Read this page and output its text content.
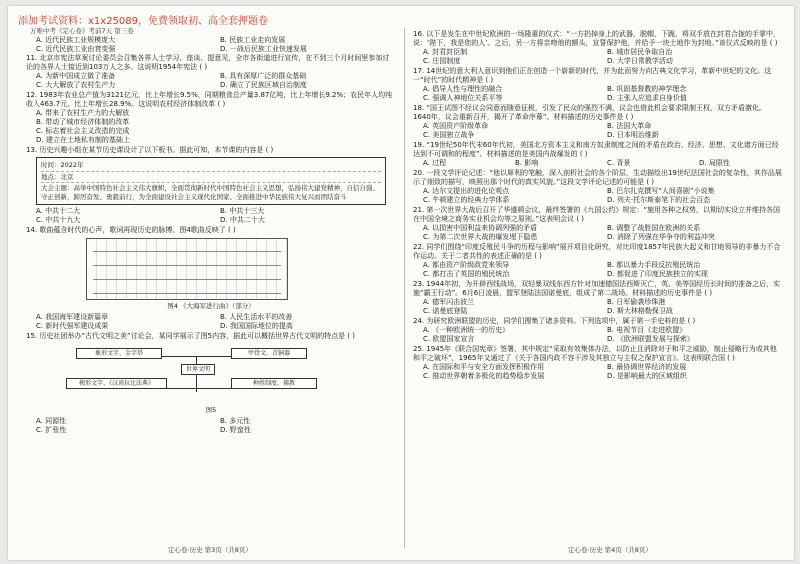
添加考试资料：x1x25089，免费领取初、高全套押题卷
万唯中考《定心卷》考前7天 第三卷
A. 近代民族工业规模庞大	B. 民族工业走向发展
C. 近代民族工业由衰变强	D. 一战后民族工业快速发展
11. 北京市宪法草案讨论委员会召集各界人士学习、座谈、提意见，全市各街道进行宣传，在不到三个月时间里参加讨论的各界人士接近到103万人之多。这说明1954年宪法 ( )
A. 为新中国成立做了准备	B. 具有深厚广泛的群众基础
C. 大大解放了农村生产力	D. 确立了民族区域自治制度
12. 1983年农业总产值为3121亿元，比上年增长9.5%，同期粮食总产量3.87亿吨，比上年增长9.2%；农民年人均纯收入463.7元，比上年增长28.9%。这说明农村经济体制改革 ( )
A. 带来了农村生产力的大解放
B. 带动了城市经济体制的改革
C. 标志着社会主义改造的完成
D. 建立在土地私有制的基础上
13. 历史兴趣小组在某节历史课设计了以下板书。据此可知，本节课的内容是 ( )
时间：2022年
地点：北京
大会主题：高举中国特色社会主义伟大旗帜，全面贯彻新时代中国特色社会主义思想，弘扬伟大建党精神，自信自强、守正创新，踔厉奋发、勇毅前行，为全面建设社会主义现代化国家、全面推进中华民族伟大复兴而团结奋斗
A. 中共十二大	B. 中共十三大
C. 中共十九大	D. 中共二十大
14. 歌曲蕴含时代的心声，歌词再现历史的脉搏。图4歌曲反映了 ( )
图4 《大海军进行曲》（部分）
A. 我国海军建设新篇章	B. 人民生活水平的改善
C. 新时代强军建设成果	D. 我国国际地位的提高
15. 历史社团举办“古代文明之美”讨论会，某同学展示了图5内容，据此可以概括世界古代文明的特点是 ( )
象形文字、金字塔	甲骨文、青铜器
楔形文字、《汉谟拉比法典》	种姓制度、佛教
世界文明
图5
A. 同源性	B. 多元性
C. 扩张性	D. 野蛮性
定心卷·历史 第3页（共8页）
16. 以下是发生在中世纪欧洲的一场隆重的仪式：“一方扔掉身上的武器，脱帽，下跪，将双手放在封君合拢的手掌中，说：‘陛下，我是您的人’。之后，另一方将亲吻他的额头，宣誓保护他，并给予一块土地作为封地。”该仪式反映的是 ( )
A. 封君封臣制	B. 城市居民争取自治
C. 庄园制度	D. 大学日常教学活动
17. 14世纪的意大利人意识到他们正在创造一个崭新的时代，并为此而努力向古典文化学习，革新中世纪的文化。这一“时代”的时代精神是 ( )
A. 倡导人性与理性的融合	B. 巩固基督教的神学理念
C. 强调人神地位关系平等	D. 主张人应追求自身价值
18. “国王试图不经议会同意而随意征税，引发了民众的强烈不满，议会也借此机会要求限制王权，双方矛盾激化。1640年，议会重新召开，揭开了革命序幕”。材料描述的历史事件是 ( )
A. 英国资产阶级革命	B. 法国大革命
C. 美国独立战争	D. 日本明治维新
19. “19世纪50年代末60年代初，美国北方资本主义和南方奴隶制度之间的矛盾在政治、经济、思想、文化诸方面已经达到不可调和的程度”。材料描述的是美国内战爆发的 ( )
A. 过程	B. 影响	C. 背景	D. 局限性
20. 一段文学评论记述：“他以犀利的笔触，深入剖析社会的各个阶层，生动描绘出19世纪法国社会的复杂性，其作品展示了细致的描写，映照出那个时代的真实风貌。”这段文学评论记述的可能是 ( )
A. 达尔文提出的进化论观点	B. 巴尔扎克撰写“人间喜剧”小说集
C. 牛顿建立的经典力学体系	D. 列夫·托尔斯泰笔下的社会百态
21. 第一次世界大战后召开了华盛顿会议，最终签署的《九国公约》规定：“施用各种之权势，以期切实设立并维持各国在中国全境之商务实业机会均等之原则。”这表明会议 ( )
A. 以损害中国利益来协调列强的矛盾	B. 调整了战胜国在欧洲的关系
C. 为第二次世界大战的爆发埋下隐患	D. 消除了列强在华争夺的利益冲突
22. 同学们围绕“印度反殖民斗争的历程与影响”展开项目化研究，对比印度1857年民族大起义和甘地领导的非暴力不合作运动。关于二者共性的表述正确的是 ( )
A. 都由资产阶级政党来领导	B. 都以暴力手段反抗殖民统治
C. 都打击了英国的殖民统治	D. 都促进了印度民族独立的实现
23. 1944年初，为开辟西线战场，双轻暴双线东西方针对加速德国法西斯灭亡，英、美等国经历长时间的准备之后，实施“霸王行动”。6月6日凌晨，盟军登陆法国诺曼底，组成了第二战场。材料描述的历史事件是 ( )
A. 德军闪击波兰	B. 日军偷袭珍珠港
C. 诺曼底登陆	D. 斯大林格勒保卫战
24. 为研究欧洲联盟的历史，同学们搜集了诸多资料。下列选项中，属于第一手史料的是 ( )
A. 《一种欧洲统一的历史》	B. 电视节目《走进欧盟》
C. 欧盟国家宣言	D. 《欧洲联盟发展与探索》
25. 1945年《联合国宪章》签署，其中规定“采取有效集体办法，以防止且消除对于和平之威胁，制止侵略行为或其他和平之破坏”，1965年又通过了《关于各国内政不容干涉及其独立与主权之保护宣言》。这表明联合国 ( )
A. 在国际和平与安全方面发挥积极作用	B. 最协调世界经济的发展
C. 推动世界朝着多极化的趋势稳步发展	D. 是影响最大的区域组织
定心卷·历史 第4页（共8页）
